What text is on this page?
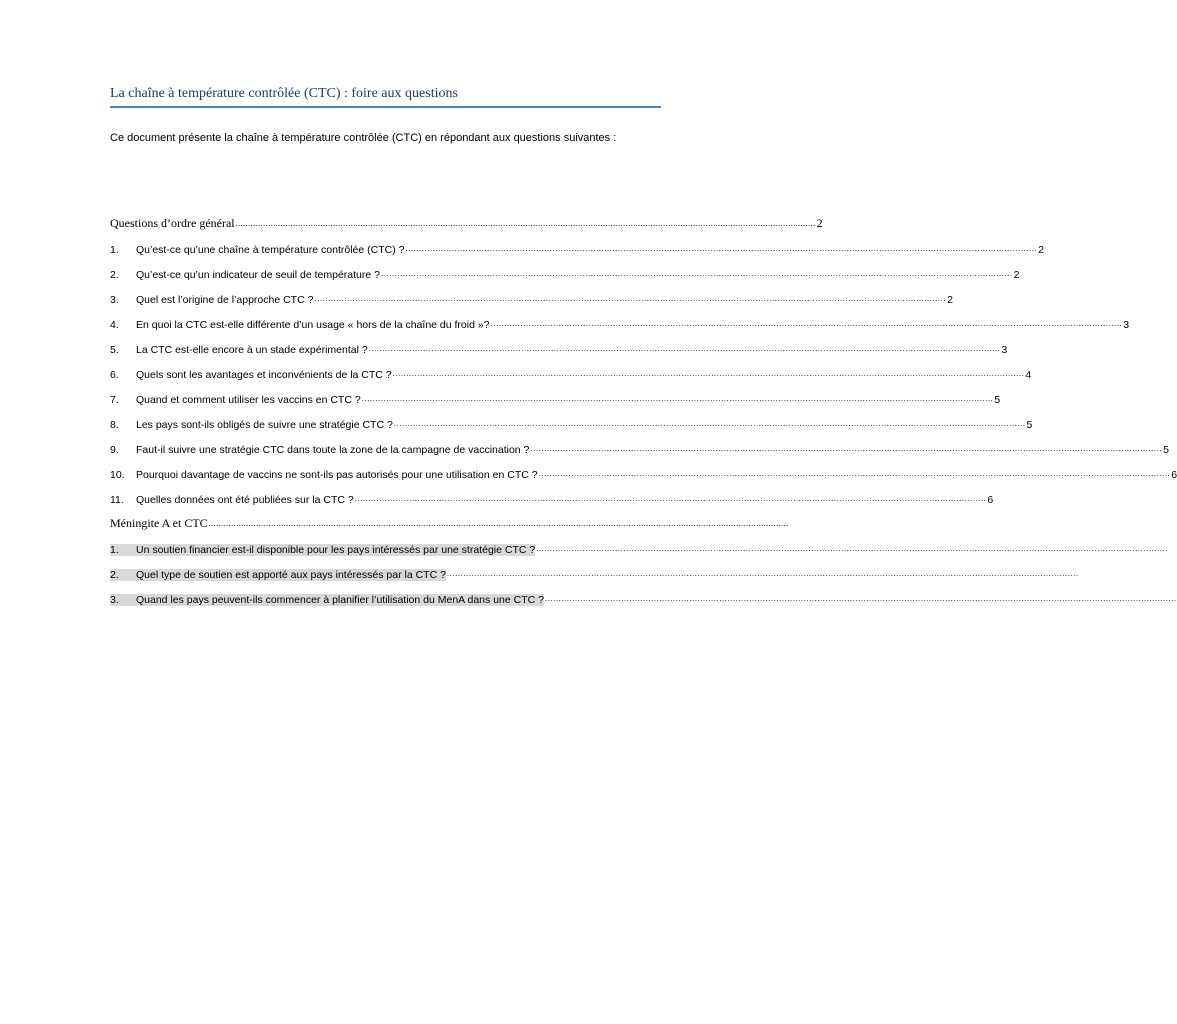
La chaîne à température contrôlée (CTC) : foire aux questions
Ce document présente la chaîne à température contrôlée (CTC) en répondant aux questions suivantes :
Questions d’ordre général .....	2
1.	Qu’est-ce qu’une chaîne à température contrôlée (CTC) ? .....	2
2.	Qu’est-ce qu’un indicateur de seuil de température ? .....	2
3.	Quel est l’origine de l’approche CTC ? .....	2
4.	En quoi la CTC est-elle différente d’un usage « hors de la chaîne du froid »? .....	3
5.	La CTC est-elle encore à un stade expérimental ? .....	3
6.	Quels sont les avantages et inconvénients de la CTC ? .....	4
7.	Quand et comment utiliser les vaccins en CTC ? .....	5
8.	Les pays sont-ils obligés de suivre une stratégie CTC ? .....	5
9.	Faut-il suivre une stratégie CTC dans toute la zone de la campagne de vaccination ? .....	5
10.	Pourquoi davantage de vaccins ne sont-ils pas autorisés pour une utilisation en CTC ? .....	6
11.	Quelles données ont été publiées sur la CTC ? .....	6
Méningite A et CTC
.....
1.	Un soutien financier est-il disponible pour les pays intéressés par une stratégie CTC ?
.....
2.	Quel type de soutien est apporté aux pays intéressés par la CTC ?
.....
3.	Quand les pays peuvent-ils commencer à planifier l’utilisation du MenA dans une CTC ?
.....
